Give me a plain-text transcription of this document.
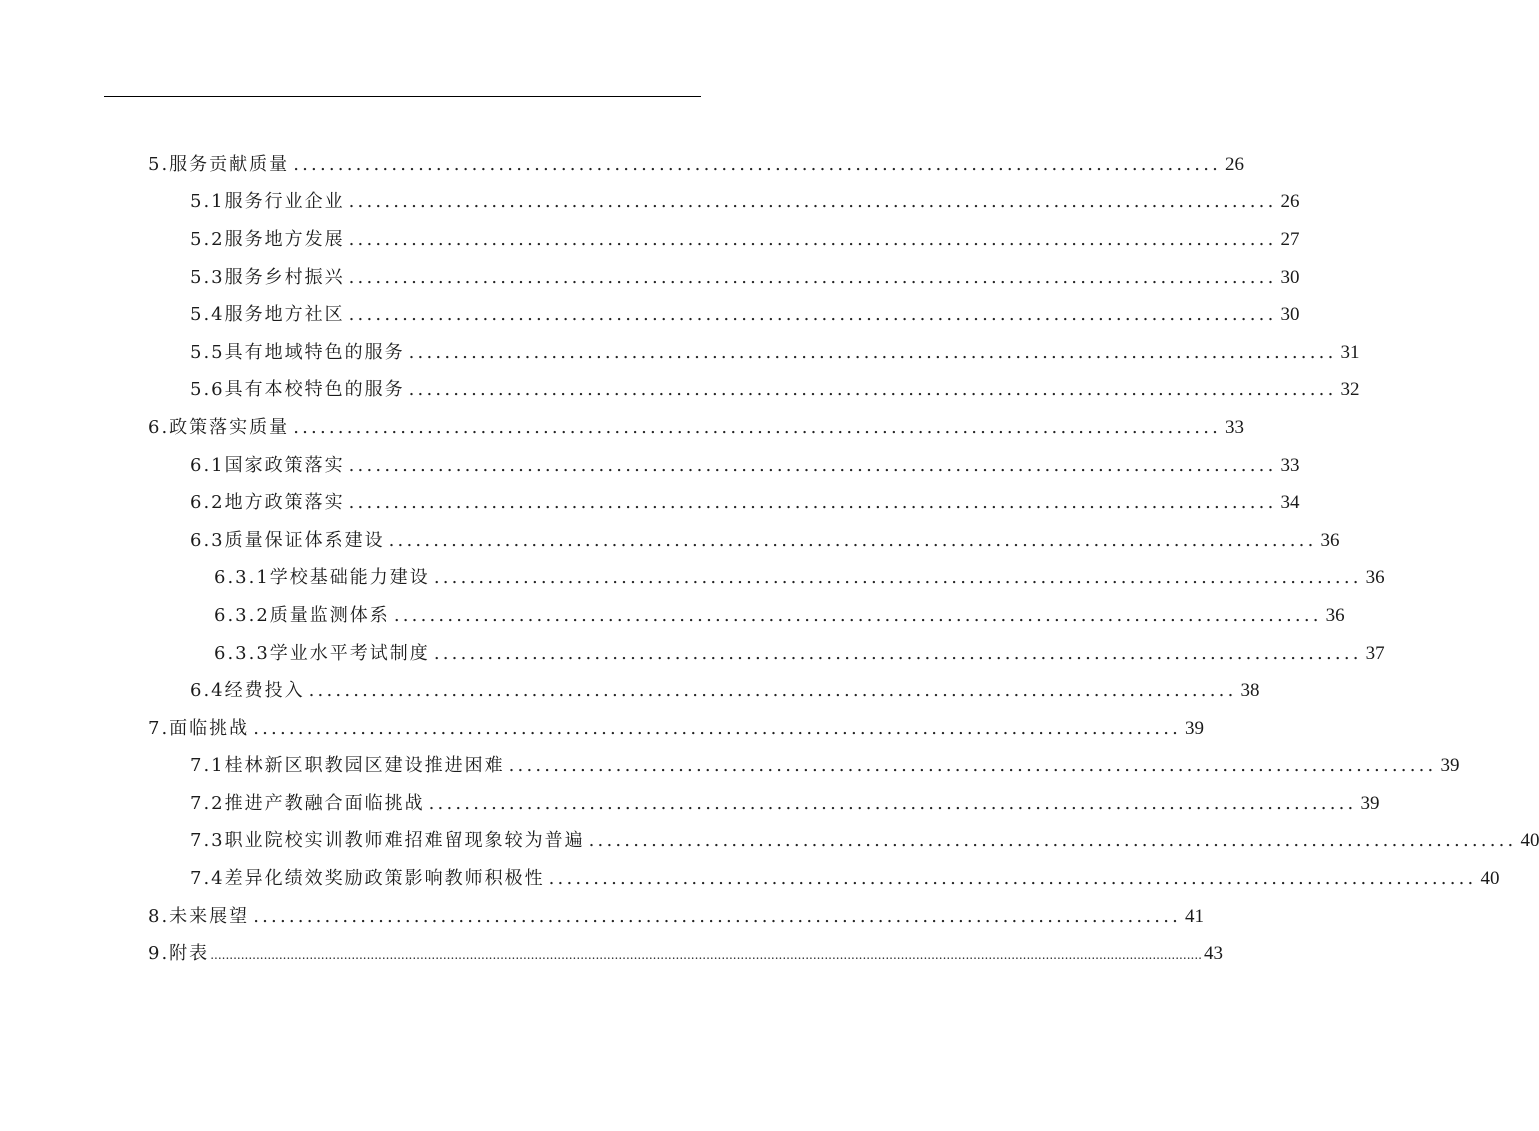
5.服务贡献质量 ........................................................................................................ 26
5.1服务行业企业 ........................................................................................................ 26
5.2服务地方发展 ........................................................................................................ 27
5.3服务乡村振兴 ........................................................................................................ 30
5.4服务地方社区 ........................................................................................................ 30
5.5具有地域特色的服务 ........................................................................................................ 31
5.6具有本校特色的服务 ........................................................................................................ 32
6.政策落实质量 ........................................................................................................ 33
6.1国家政策落实 ........................................................................................................ 33
6.2地方政策落实 ........................................................................................................ 34
6.3质量保证体系建设 ........................................................................................................ 36
6.3.1学校基础能力建设 ........................................................................................................ 36
6.3.2质量监测体系 ........................................................................................................ 36
6.3.3学业水平考试制度 ........................................................................................................ 37
6.4经费投入 ........................................................................................................ 38
7.面临挑战 ........................................................................................................ 39
7.1桂林新区职教园区建设推进困难 ........................................................................................................ 39
7.2推进产教融合面临挑战 ........................................................................................................ 39
7.3职业院校实训教师难招难留现象较为普遍 ........................................................................................................ 40
7.4差异化绩效奖励政策影响教师积极性 ........................................................................................................ 40
8.未来展望 ........................................................................................................ 41
9.附表 .................................................................................................................................................................................................................................................................... 43
